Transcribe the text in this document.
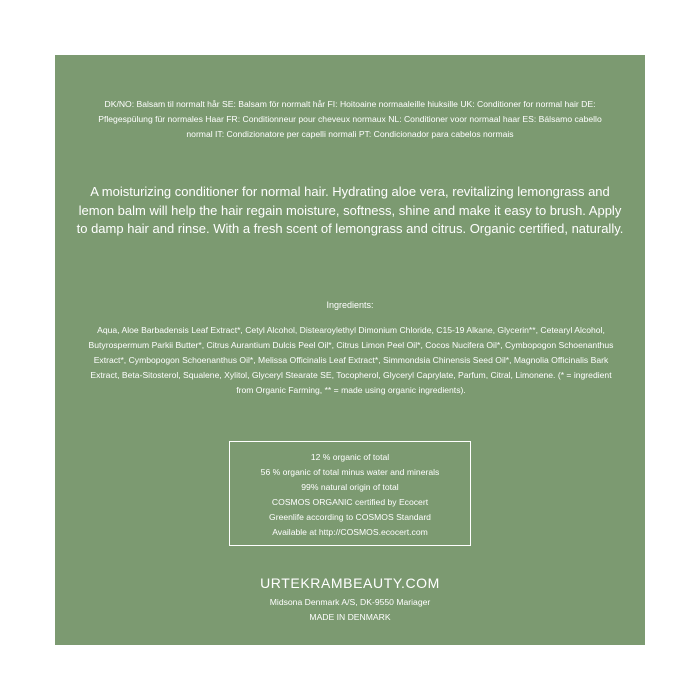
DK/NO: Balsam til normalt hår SE: Balsam för normalt hår FI: Hoitoaine normaaleille hiuksille UK: Conditioner for normal hair DE: Pflegespülung für normales Haar FR: Conditionneur pour cheveux normaux NL: Conditioner voor normaal haar ES: Bálsamo cabello normal IT: Condizionatore per capelli normali PT: Condicionador para cabelos normais
A moisturizing conditioner for normal hair. Hydrating aloe vera, revitalizing lemongrass and lemon balm will help the hair regain moisture, softness, shine and make it easy to brush. Apply to damp hair and rinse. With a fresh scent of lemongrass and citrus. Organic certified, naturally.
Ingredients:
Aqua, Aloe Barbadensis Leaf Extract*, Cetyl Alcohol, Distearoylethyl Dimonium Chloride, C15-19 Alkane, Glycerin**, Cetearyl Alcohol, Butyrospermum Parkii Butter*, Citrus Aurantium Dulcis Peel Oil*, Citrus Limon Peel Oil*, Cocos Nucifera Oil*, Cymbopogon Schoenanthus Extract*, Cymbopogon Schoenanthus Oil*, Melissa Officinalis Leaf Extract*, Simmondsia Chinensis Seed Oil*, Magnolia Officinalis Bark Extract, Beta-Sitosterol, Squalene, Xylitol, Glyceryl Stearate SE, Tocopherol, Glyceryl Caprylate, Parfum, Citral, Limonene. (* = ingredient from Organic Farming, ** = made using organic ingredients).
12 % organic of total
56 % organic of total minus water and minerals
99% natural origin of total
COSMOS ORGANIC certified by Ecocert
Greenlife according to COSMOS Standard
Available at http://COSMOS.ecocert.com
URTEKRAMBEAUTY.COM
Midsona Denmark A/S, DK-9550 Mariager
MADE IN DENMARK
